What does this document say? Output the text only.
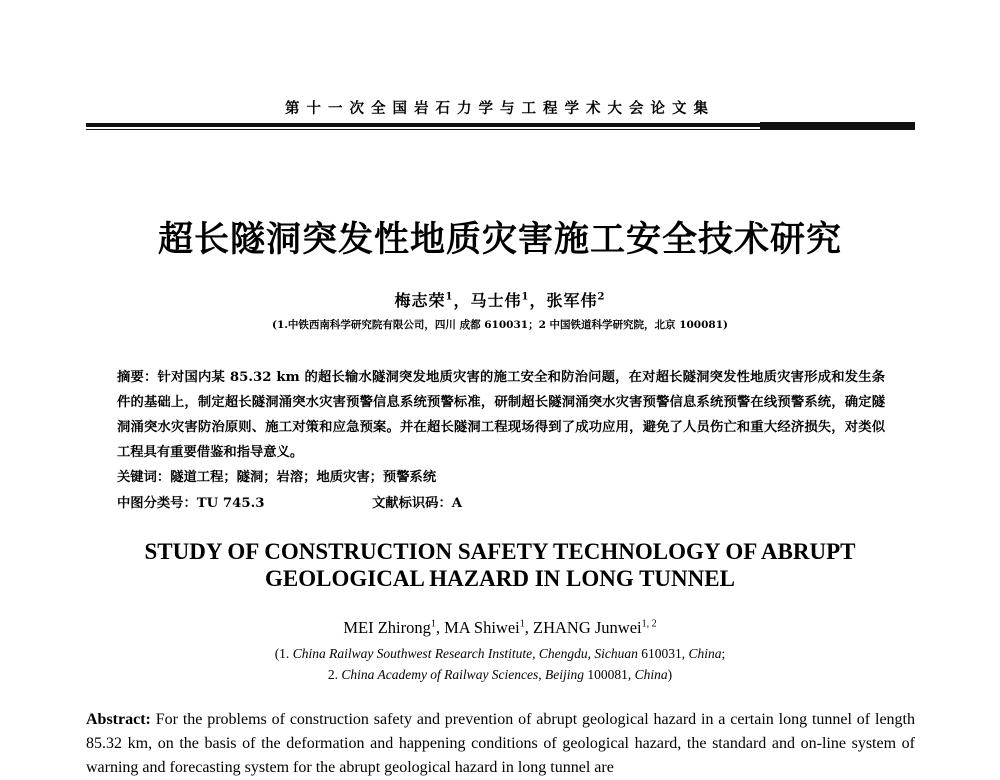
第十一次全国岩石力学与工程学术大会论文集
超长隧洞突发性地质灾害施工安全技术研究
梅志荣$^1$，马士伟$^1$，张军伟$^2$
(1.中铁西南科学研究院有限公司，四川 成都 610031；2 中国铁道科学研究院，北京 100081)
摘要：针对国内某 85.32 km 的超长输水隧洞突发地质灾害的施工安全和防治问题，在对超长隧洞突发性地质灾害形成和发生条件的基础上，制定超长隧洞涌突水灾害预警信息系统预警标准，研制超长隧洞涌突水灾害预警信息系统预警在线预警系统，确定隧洞涌突水灾害防治原则、施工对策和应急预案。并在超长隧洞工程现场得到了成功应用，避免了人员伤亡和重大经济损失，对类似工程具有重要借鉴和指导意义。
关键词：隧道工程；隧洞；岩溶；地质灾害；预警系统
中图分类号：TU 745.3	文献标识码：A
STUDY OF CONSTRUCTION SAFETY TECHNOLOGY OF ABRUPT
GEOLOGICAL HAZARD IN LONG TUNNEL
MEI Zhirong$^1$, MA Shiwei$^1$, ZHANG Junwei$^{1, 2}$
(1. China Railway Southwest Research Institute, Chengdu, Sichuan 610031, China;
2. China Academy of Railway Sciences, Beijing 100081, China)
Abstract: For the problems of construction safety and prevention of abrupt geological hazard in a certain long tunnel of length 85.32 km, on the basis of the deformation and happening conditions of geological hazard, the standard and on-line system of warning and forecasting system for the abrupt geological hazard in long tunnel are
